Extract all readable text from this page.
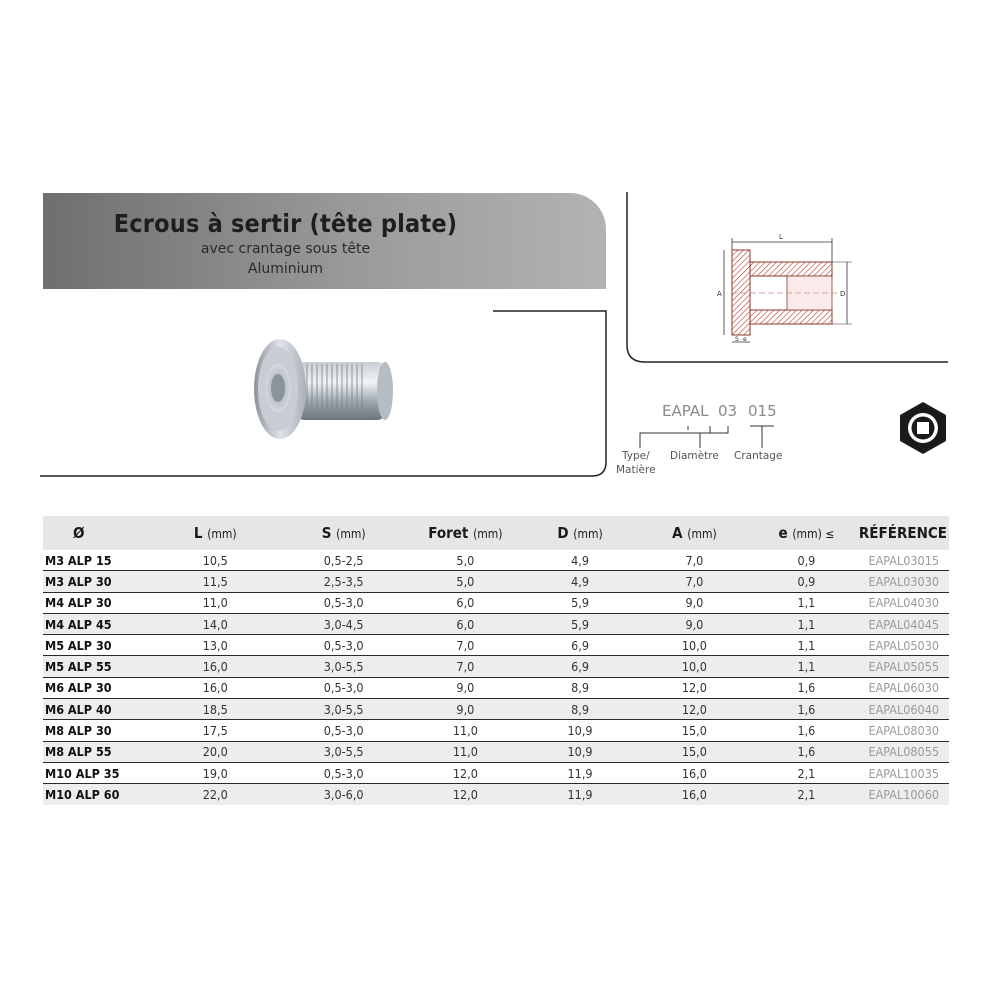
Ecrous à sertir (tête plate)
avec crantage sous tête
Aluminium
L
A	D
S e
EAPAL 03 015
Type/
Matière
Diamètre Crantage
Ø	L (mm)	S (mm)	Foret (mm)	D (mm)	A (mm)	e (mm) ≤	RÉFÉRENCE
M3 ALP 15	10,5	0,5-2,5	5,0	4,9	7,0	0,9	EAPAL03015
M3 ALP 30	11,5	2,5-3,5	5,0	4,9	7,0	0,9	EAPAL03030
M4 ALP 30	11,0	0,5-3,0	6,0	5,9	9,0	1,1	EAPAL04030
M4 ALP 45	14,0	3,0-4,5	6,0	5,9	9,0	1,1	EAPAL04045
M5 ALP 30	13,0	0,5-3,0	7,0	6,9	10,0	1,1	EAPAL05030
M5 ALP 55	16,0	3,0-5,5	7,0	6,9	10,0	1,1	EAPAL05055
M6 ALP 30	16,0	0,5-3,0	9,0	8,9	12,0	1,6	EAPAL06030
M6 ALP 40	18,5	3,0-5,5	9,0	8,9	12,0	1,6	EAPAL06040
M8 ALP 30	17,5	0,5-3,0	11,0	10,9	15,0	1,6	EAPAL08030
M8 ALP 55	20,0	3,0-5,5	11,0	10,9	15,0	1,6	EAPAL08055
M10 ALP 35	19,0	0,5-3,0	12,0	11,9	16,0	2,1	EAPAL10035
M10 ALP 60	22,0	3,0-6,0	12,0	11,9	16,0	2,1	EAPAL10060
